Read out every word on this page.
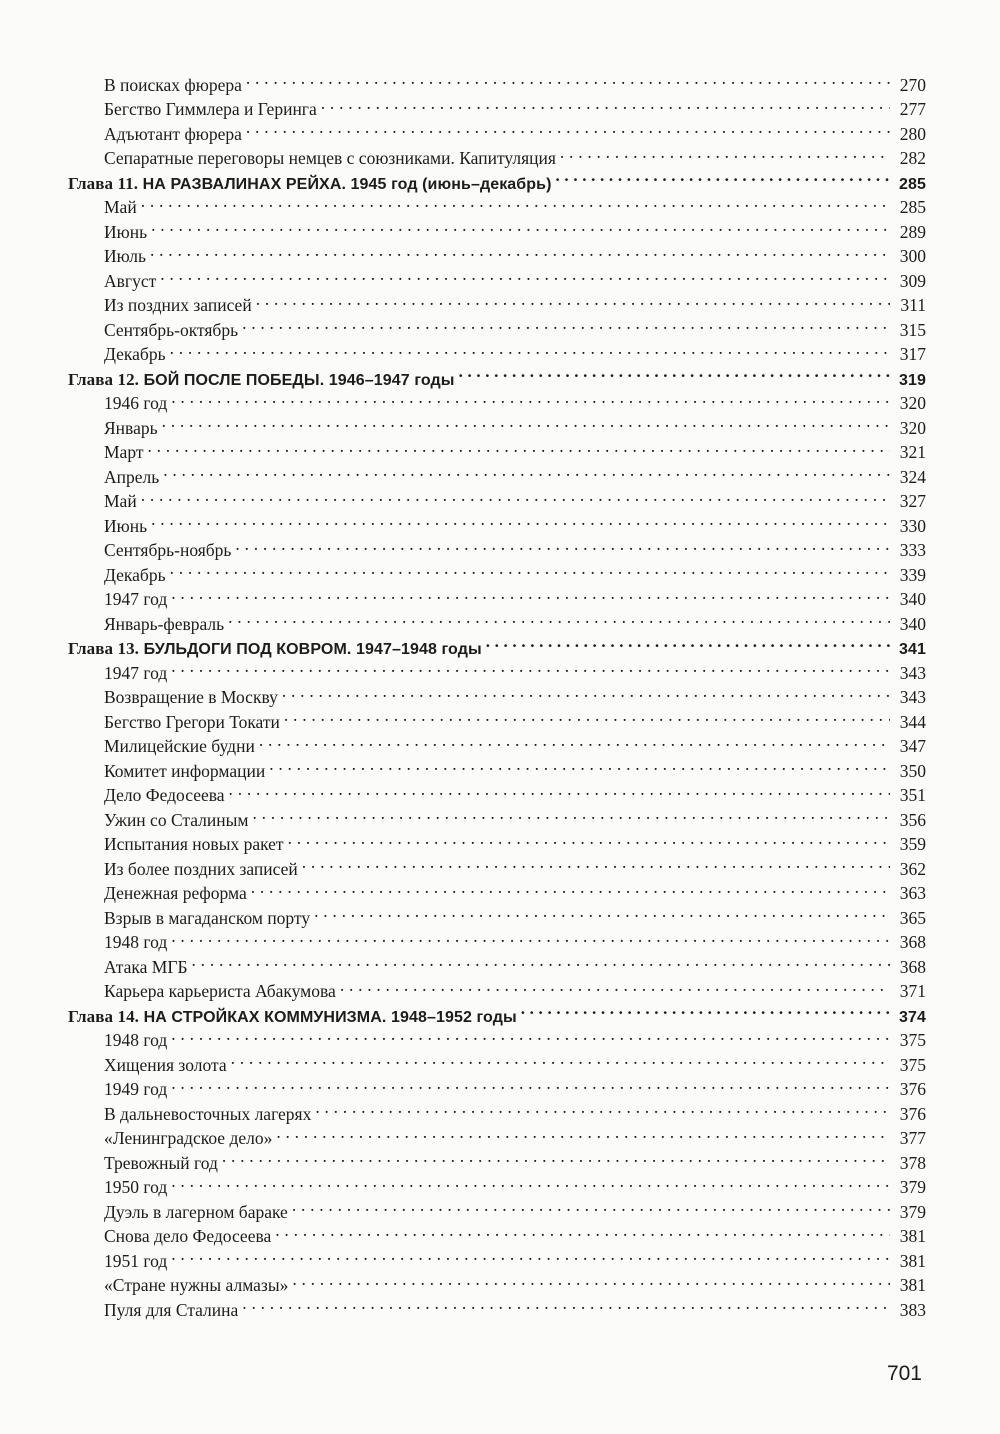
В поисках фюрера . . .	270
Бегство Гиммлера и Геринга . . .	277
Адъютант фюрера . . .	280
Сепаратные переговоры немцев с союзниками. Капитуляция . . .	282
Глава 11. НА РАЗВАЛИНАХ РЕЙХА. 1945 год (июнь–декабрь) . . .	285
Май . . .	285
Июнь . . .	289
Июль . . .	300
Август . . .	309
Из поздних записей . . .	311
Сентябрь-октябрь . . .	315
Декабрь . . .	317
Глава 12. БОЙ ПОСЛЕ ПОБЕДЫ. 1946–1947 годы . . .	319
1946 год . . .	320
Январь . . .	320
Март . . .	321
Апрель . . .	324
Май . . .	327
Июнь . . .	330
Сентябрь-ноябрь . . .	333
Декабрь . . .	339
1947 год . . .	340
Январь-февраль . . .	340
Глава 13. БУЛЬДОГИ ПОД КОВРОМ. 1947–1948 годы . . .	341
1947 год . . .	343
Возвращение в Москву . . .	343
Бегство Грегори Токати . . .	344
Милицейские будни . . .	347
Комитет информации . . .	350
Дело Федосеева . . .	351
Ужин со Сталиным . . .	356
Испытания новых ракет . . .	359
Из более поздних записей . . .	362
Денежная реформа . . .	363
Взрыв в магаданском порту . . .	365
1948 год . . .	368
Атака МГБ . . .	368
Карьера карьериста Абакумова . . .	371
Глава 14. НА СТРОЙКАХ КОММУНИЗМА. 1948–1952 годы . . .	374
1948 год . . .	375
Хищения золота . . .	375
1949 год . . .	376
В дальневосточных лагерях . . .	376
«Ленинградское дело» . . .	377
Тревожный год . . .	378
1950 год . . .	379
Дуэль в лагерном бараке . . .	379
Снова дело Федосеева . . .	381
1951 год . . .	381
«Стране нужны алмазы» . . .	381
Пуля для Сталина . . .	383
701
